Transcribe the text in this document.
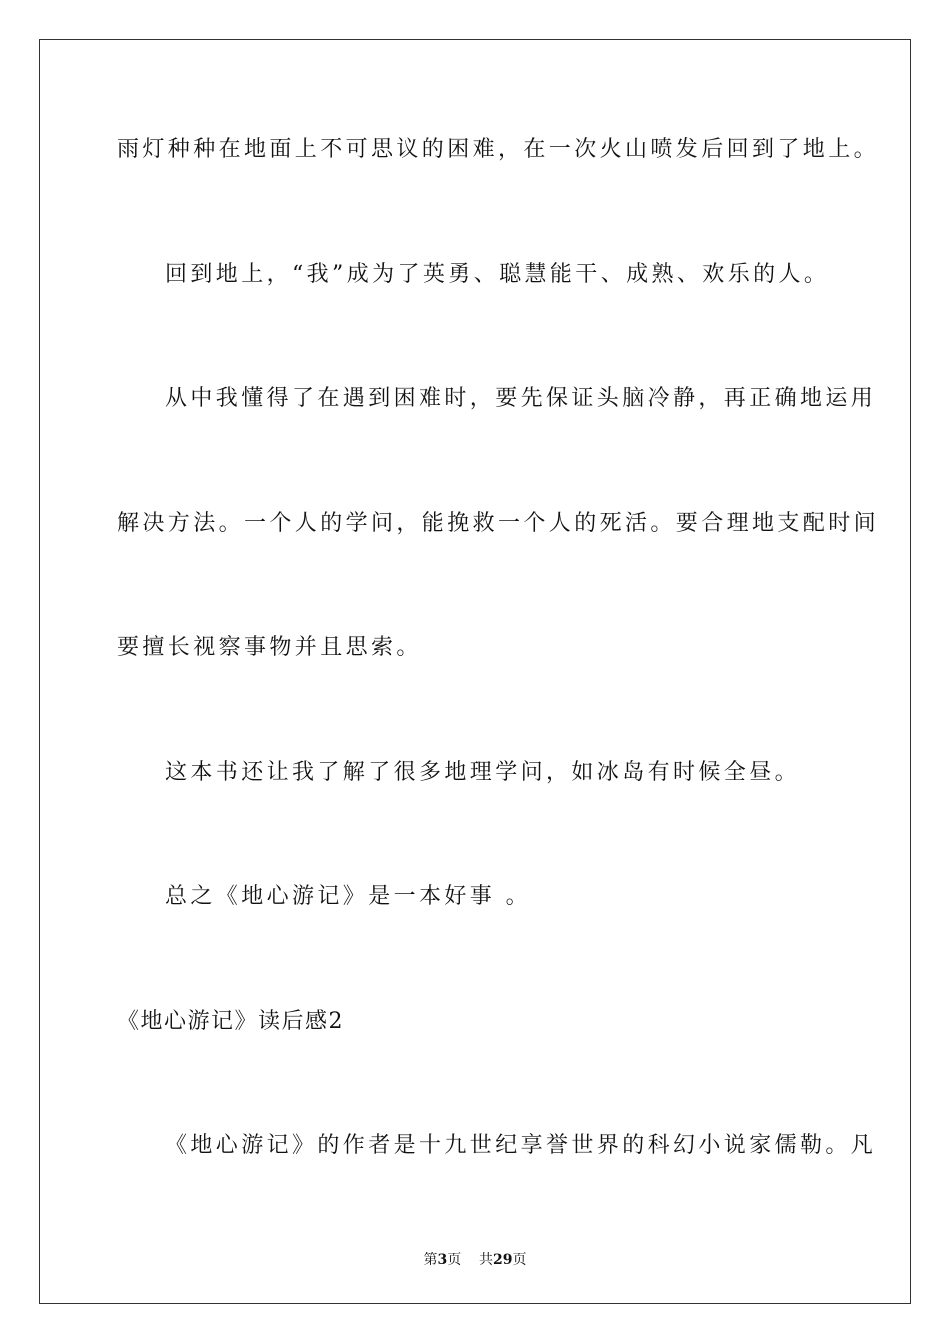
雨灯种种在地面上不可思议的困难，在一次火山喷发后回到了地上。
回到地上，“我”成为了英勇、聪慧能干、成熟、欢乐的人。
从中我懂得了在遇到困难时，要先保证头脑冷静，再正确地运用
解决方法。一个人的学问，能挽救一个人的死活。要合理地支配时间
要擅长视察事物并且思索。
这本书还让我了解了很多地理学问，如冰岛有时候全昼。
总之《地心游记》是一本好事 。
《地心游记》读后感2
《地心游记》的作者是十九世纪享誉世界的科幻小说家儒勒。凡
第3页 共29页
